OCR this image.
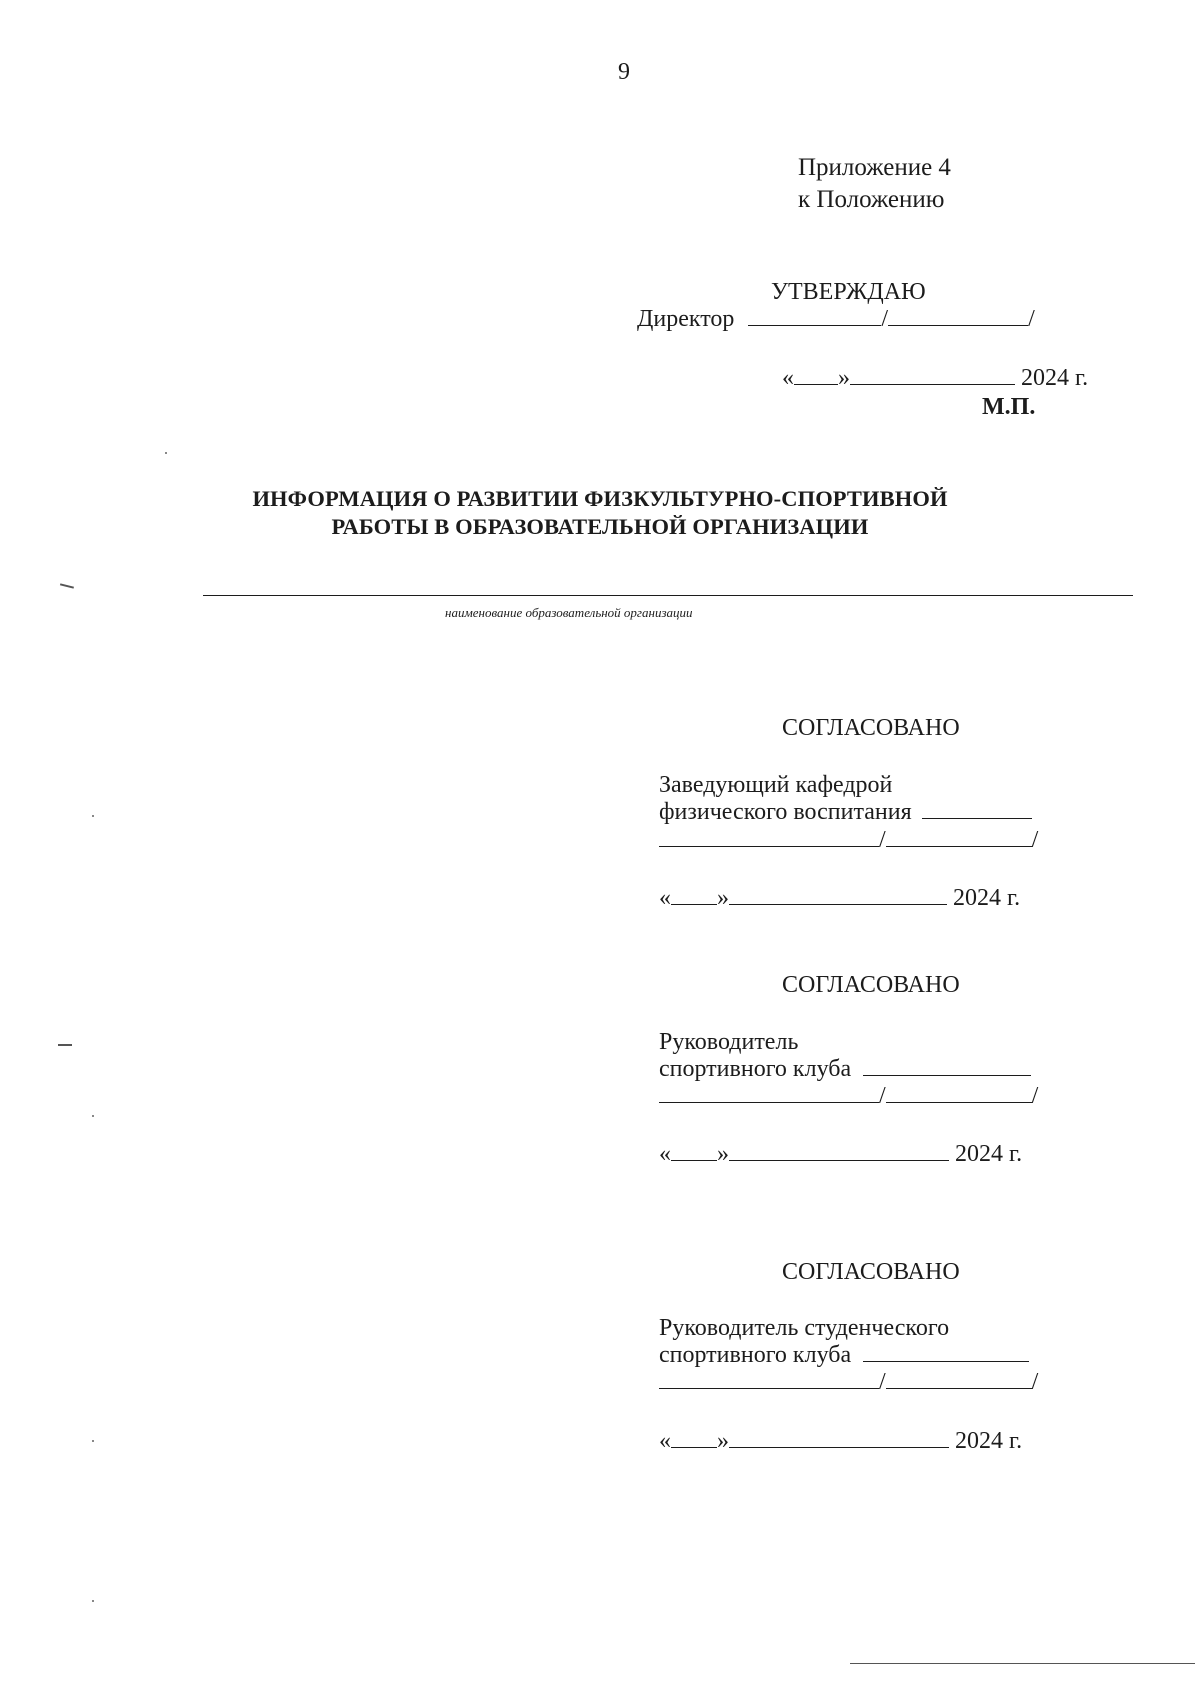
9
Приложение 4
к Положению
УТВЕРЖДАЮ
Директор	/	/
« »	2024 г.
М.П.
ИНФОРМАЦИЯ О РАЗВИТИИ ФИЗКУЛЬТУРНО-СПОРТИВНОЙ
РАБОТЫ В ОБРАЗОВАТЕЛЬНОЙ ОРГАНИЗАЦИИ
наименование образовательной организации
СОГЛАСОВАНО
Заведующий кафедрой
физического воспитания
/	/
« »	2024 г.
СОГЛАСОВАНО
Руководитель
спортивного клуба
/	/
« »	2024 г.
СОГЛАСОВАНО
Руководитель студенческого
спортивного клуба
/	/
« »	2024 г.
